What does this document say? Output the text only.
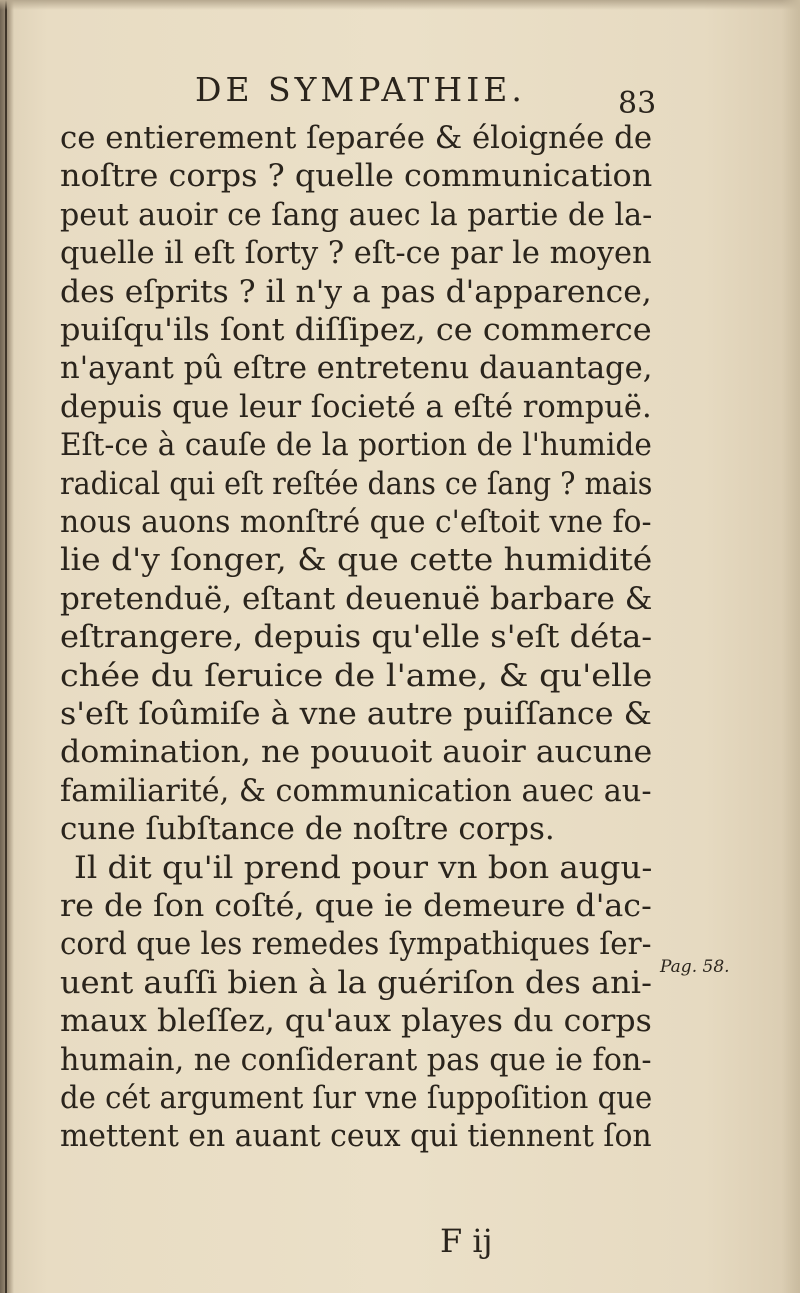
DE SYMPATHIE.	83
ce entierement ſeparée & éloignée de
noſtre corps ? quelle communication
peut auoir ce ſang auec la partie de la-
quelle il eſt ſorty ? eſt-ce par le moyen
des eſprits ? il n'y a pas d'apparence,
puiſqu'ils ſont diſſipez, ce commerce
n'ayant pû eſtre entretenu dauantage,
depuis que leur ſocieté a eſté rompuë.
Eſt-ce à cauſe de la portion de l'humide
radical qui eſt reſtée dans ce ſang ? mais
nous auons monſtré que c'eſtoit vne fo-
lie d'y ſonger, & que cette humidité
pretenduë, eſtant deuenuë barbare &
eſtrangere, depuis qu'elle s'eſt déta-
chée du ſeruice de l'ame, & qu'elle
s'eſt ſoûmiſe à vne autre puiſſance &
domination, ne pouuoit auoir aucune
familiarité, & communication auec au-
cune ſubſtance de noſtre corps.
Il dit qu'il prend pour vn bon augu-
re de ſon coſté, que ie demeure d'ac-
cord que les remedes ſympathiques ſer-
uent auſſi bien à la guériſon des ani-
maux bleſſez, qu'aux playes du corps
humain, ne conſiderant pas que ie fon-
de cét argument ſur vne ſuppoſition que
mettent en auant ceux qui tiennent ſon
Pag. 58.
F ij
